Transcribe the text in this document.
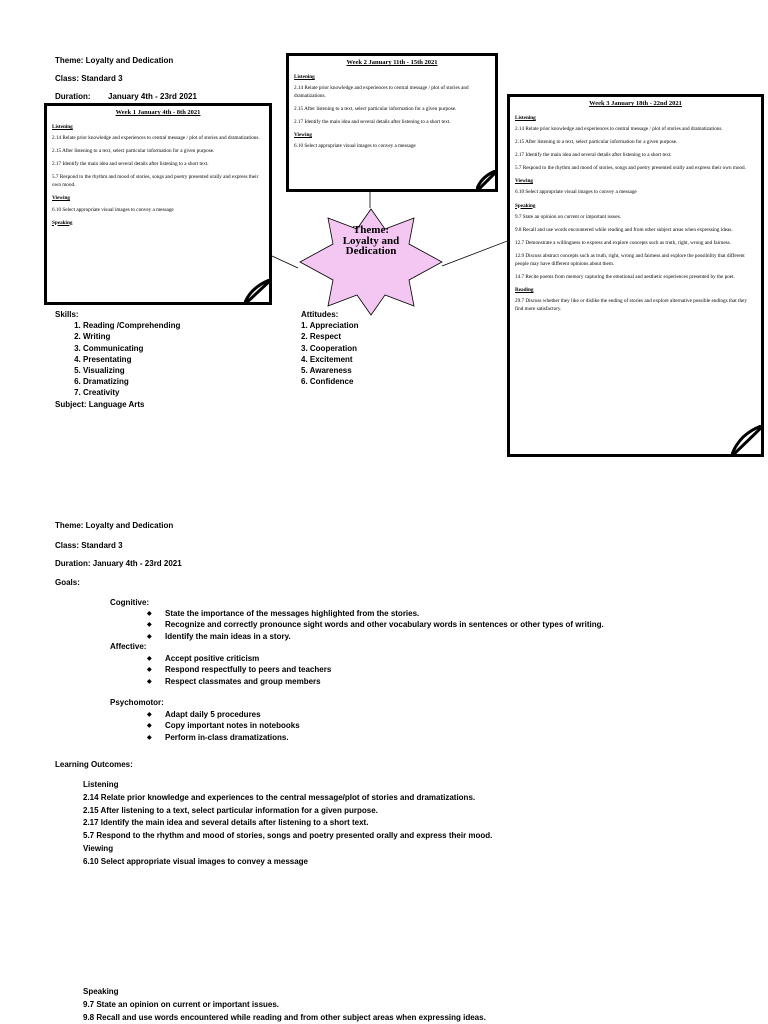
Theme: Loyalty and Dedication
Class: Standard 3
Duration: January 4th - 23rd 2021
Week 1 January 4th - 8th 2021
Listening

2.14 Relate prior knowledge and experiences to central message / plot of stories and dramatizations.

2.15 After listening to a text, select particular information for a given purpose.

2.17 Identify the main idea and several details after listening to a short text.

5.7 Respond to the rhythm and mood of stories, songs and poetry presented orally and express their own mood.

Viewing

6.10 Select appropriate visual images to convey a message

Speaking
Week 2 January 11th - 15th 2021
Listening

2.14 Relate prior knowledge and experiences to central message / plot of stories and dramatizations.

2.15 After listening to a text, select particular information for a given purpose.

2.17 Identify the main idea and several details after listening to a short text.

Viewing

6.10 Select appropriate visual images to convey a message

Week 3 January 18th - 22nd 2021
Listening

2.14 Relate prior knowledge and experiences to central message / plot of stories and dramatizations.

2.15 After listening to a text, select particular information for a given purpose.

2.17 Identify the main idea and several details after listening to a short text.

5.7 Respond to the rhythm and mood of stories, songs and poetry presented orally and express their own mood.

Viewing

6.10 Select appropriate visual images to convey a message

Speaking

9.7 State an opinion on current or important issues.

9.8 Recall and use words encountered while reading and from other subject areas when expressing ideas.

12.7 Demonstrate a willingness to express and explore concepts such as truth, right, wrong and fairness.

12.9 Discuss abstract concepts such as truth, right, wrong and fairness and explore the possibility that different people may have different opinions about them.

14.7 Recite poems from memory capturing the emotional and aesthetic experiences presented by the poet.

Reading

29.7 Discuss whether they like or dislike the ending of stories and explore alternative possible endings that they find more satisfactory.

Theme:
Loyalty and
Dedication
Skills:
1. Reading /Comprehending
2. Writing
3. Communicating
4. Presentating
5. Visualizing
6. Dramatizing
7. Creativity
Subject: Language Arts
Attitudes:
1. Appreciation
2. Respect
3. Cooperation
4. Excitement
5. Awareness
6. Confidence
Theme: Loyalty and Dedication
Class: Standard 3
Duration: January 4th - 23rd 2021
Goals:
Cognitive:
◆ State the importance of the messages highlighted from the stories.
◆ Recognize and correctly pronounce sight words and other vocabulary words in sentences or other types of writing.
◆ Identify the main ideas in a story.
Affective:
◆ Accept positive criticism
◆ Respond respectfully to peers and teachers
◆ Respect classmates and group members
Psychomotor:
◆ Adapt daily 5 procedures
◆ Copy important notes in notebooks
◆ Perform in-class dramatizations.
Learning Outcomes:
Listening
2.14 Relate prior knowledge and experiences to the central message/plot of stories and dramatizations.
2.15 After listening to a text, select particular information for a given purpose.
2.17 Identify the main idea and several details after listening to a short text.
5.7 Respond to the rhythm and mood of stories, songs and poetry presented orally and express their mood.
Viewing
6.10 Select appropriate visual images to convey a message
Speaking
9.7 State an opinion on current or important issues.
9.8 Recall and use words encountered while reading and from other subject areas when expressing ideas.
